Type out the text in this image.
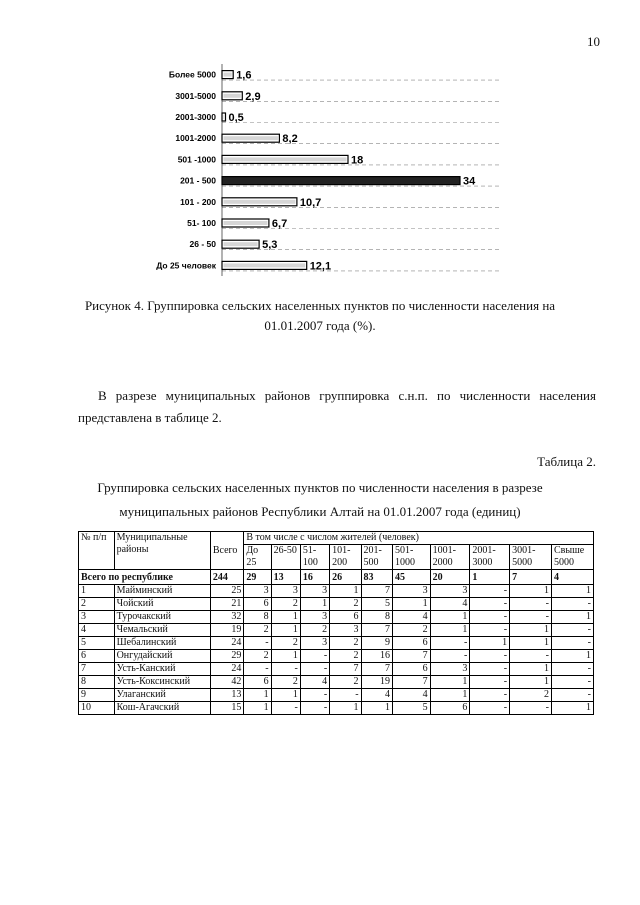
10
Более 5000 1,6
3001-5000	2,9
2001-3000 0,5
1001-2000	8,2
501 -1000	18
201 - 500	34
101 - 200	10,7
51- 100	6,7
26 - 50	5,3
До 25 человек	12,1
Рисунок 4. Группировка сельских населенных пунктов по численности населения на
01.01.2007 года (%).
В разрезе муниципальных районов группировка с.н.п. по численности населения
представлена в таблице 2.
Таблица 2.
Группировка сельских населенных пунктов по численности населения в разрезе
муниципальных районов Республики Алтай на 01.01.2007 года (единиц)
№ п/п	Муниципальные районы	Всего	В том числе с числом жителей (человек)									
			До 25	26-50	51-100	101-200	201-500	501-1000	1001-2000	2001-3000	3001-5000	Свыше 5000
Всего по республике		244	29	13	16	26	83	45	20	1	7	4
1	Майминский	25	3	3	3	1	7	3	3	-	1	1
2	Чойский	21	6	2	1	2	5	1	4	-	-	-
3	Турочакский	32	8	1	3	6	8	4	1	-	-	1
4	Чемальский	19	2	1	2	3	7	2	1	-	1	-
5	Шебалинский	24	-	2	3	2	9	6	-	1	1	-
6	Онгудайский	29	2	1	-	2	16	7	-	-	-	1
7	Усть-Канский	24	-	-	-	7	7	6	3	-	1	-
8	Усть-Коксинский	42	6	2	4	2	19	7	1	-	1	-
9	Улаганский	13	1	1	-	-	4	4	1	-	2	-
10	Кош-Агачский	15	1	-	-	1	1	5	6	-	-	1
